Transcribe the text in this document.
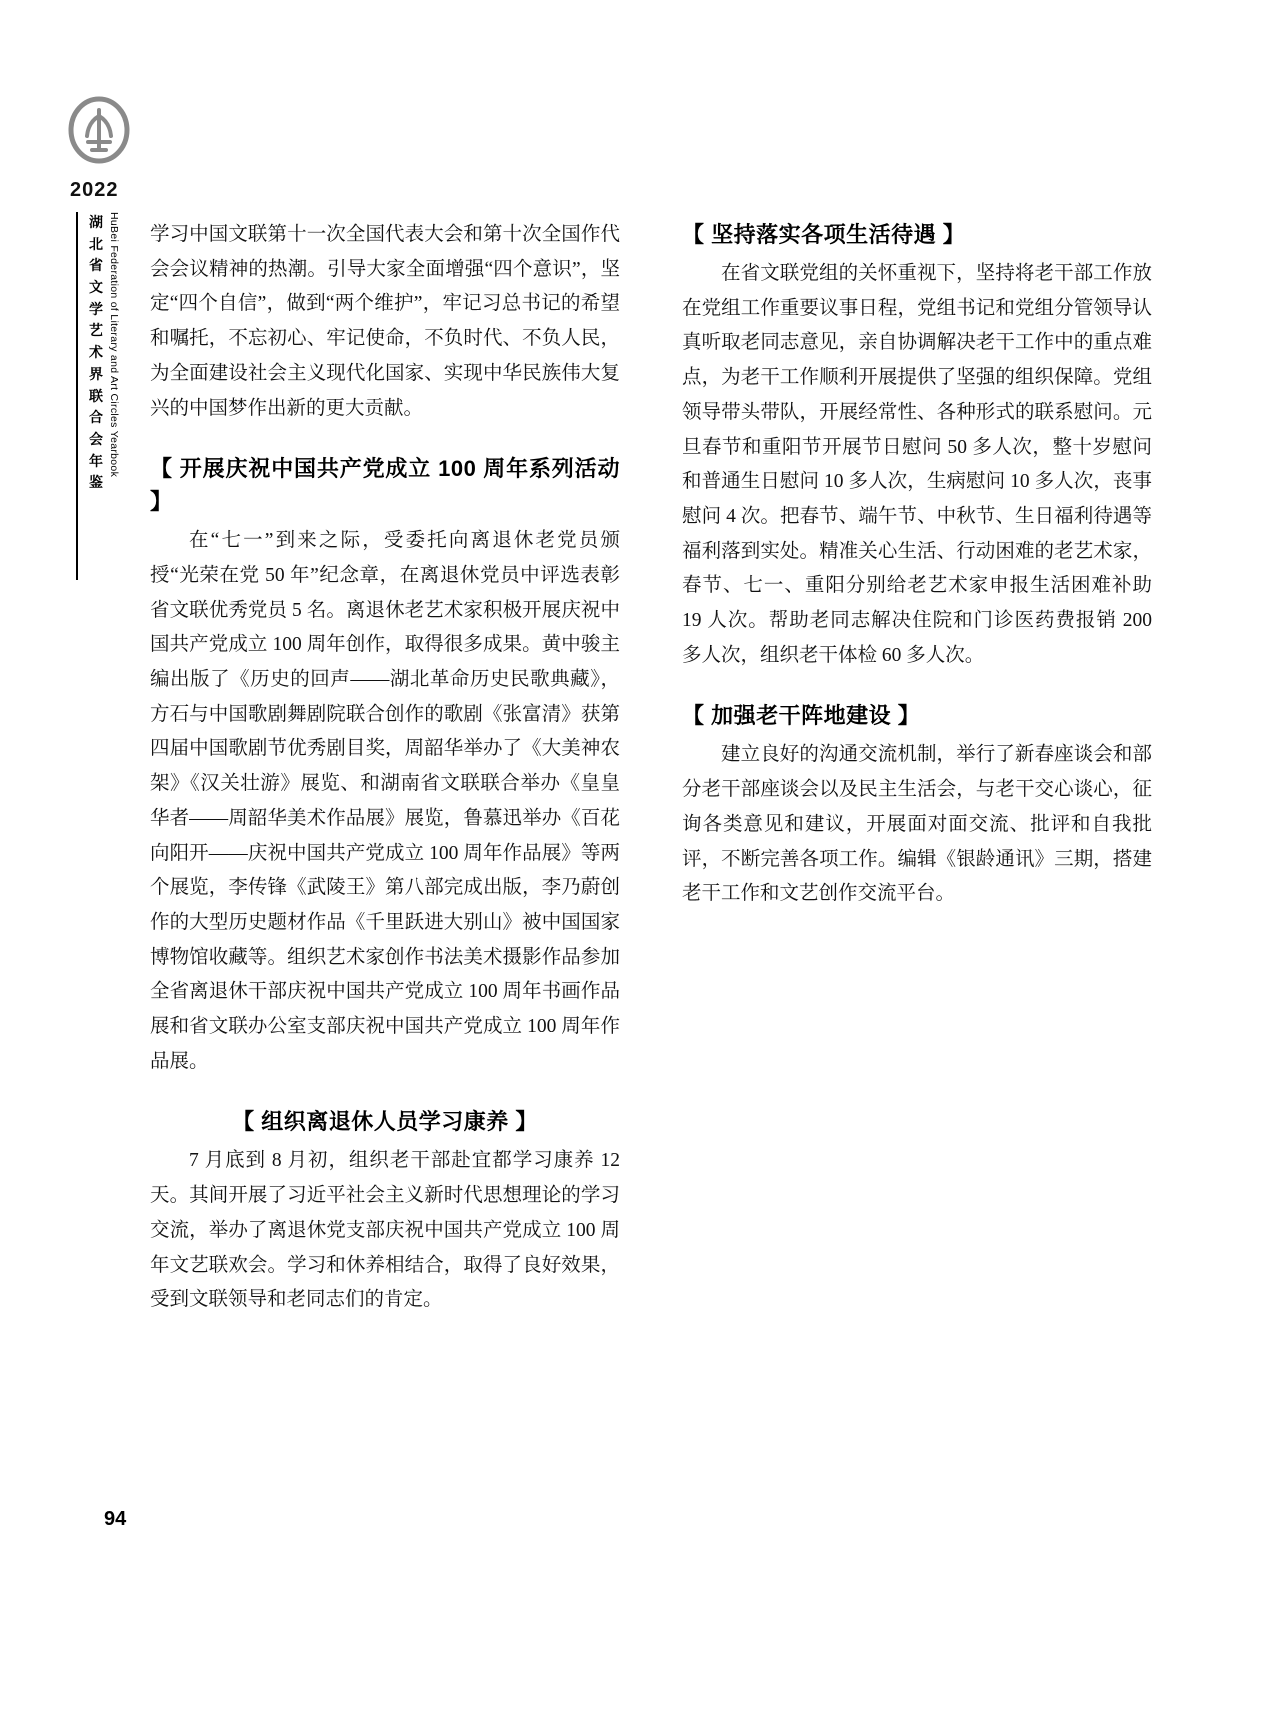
2022
湖北省文学艺术界联合会年鉴
HuBei Federation of Literary and Art Circles Yearbook 学习中国文联第十一次全国代表大会和第十次全国作代会会议精神的热潮。引导大家全面增强“四个意识”，坚定“四个自信”，做到“两个维护”，牢记习总书记的希望和嘱托，不忘初心、牢记使命，不负时代、不负人民，为全面建设社会主义现代化国家、实现中华民族伟大复兴的中国梦作出新的更大贡献。

【 开展庆祝中国共产党成立 100 周年系列活动 】

在“七一”到来之际，受委托向离退休老党员颁授“光荣在党 50 年”纪念章，在离退休党员中评选表彰省文联优秀党员 5 名。离退休老艺术家积极开展庆祝中国共产党成立 100 周年创作，取得很多成果。黄中骏主编出版了《历史的回声——湖北革命历史民歌典藏》，方石与中国歌剧舞剧院联合创作的歌剧《张富清》获第四届中国歌剧节优秀剧目奖，周韶华举办了《大美神农架》《汉关壮游》展览、和湖南省文联联合举办《皇皇华者——周韶华美术作品展》展览，鲁慕迅举办《百花向阳开——庆祝中国共产党成立 100 周年作品展》等两个展览，李传锋《武陵王》第八部完成出版，李乃蔚创作的大型历史题材作品《千里跃进大别山》被中国国家博物馆收藏等。组织艺术家创作书法美术摄影作品参加全省离退休干部庆祝中国共产党成立 100 周年书画作品展和省文联办公室支部庆祝中国共产党成立 100 周年作品展。

【 组织离退休人员学习康养 】

7 月底到 8 月初，组织老干部赴宜都学习康养 12 天。其间开展了习近平社会主义新时代思想理论的学习交流，举办了离退休党支部庆祝中国共产党成立 100 周年文艺联欢会。学习和休养相结合，取得了良好效果，受到文联领导和老同志们的肯定。

【 坚持落实各项生活待遇 】

在省文联党组的关怀重视下，坚持将老干部工作放在党组工作重要议事日程，党组书记和党组分管领导认真听取老同志意见，亲自协调解决老干工作中的重点难点，为老干工作顺利开展提供了坚强的组织保障。党组领导带头带队，开展经常性、各种形式的联系慰问。元旦春节和重阳节开展节日慰问 50 多人次，整十岁慰问和普通生日慰问 10 多人次，生病慰问 10 多人次，丧事慰问 4 次。把春节、端午节、中秋节、生日福利待遇等福利落到实处。精准关心生活、行动困难的老艺术家，春节、七一、重阳分别给老艺术家申报生活困难补助 19 人次。帮助老同志解决住院和门诊医药费报销 200 多人次，组织老干体检 60 多人次。

【 加强老干阵地建设 】

建立良好的沟通交流机制，举行了新春座谈会和部分老干部座谈会以及民主生活会，与老干交心谈心，征询各类意见和建议，开展面对面交流、批评和自我批评，不断完善各项工作。编辑《银龄通讯》三期，搭建老干工作和文艺创作交流平台。

94
